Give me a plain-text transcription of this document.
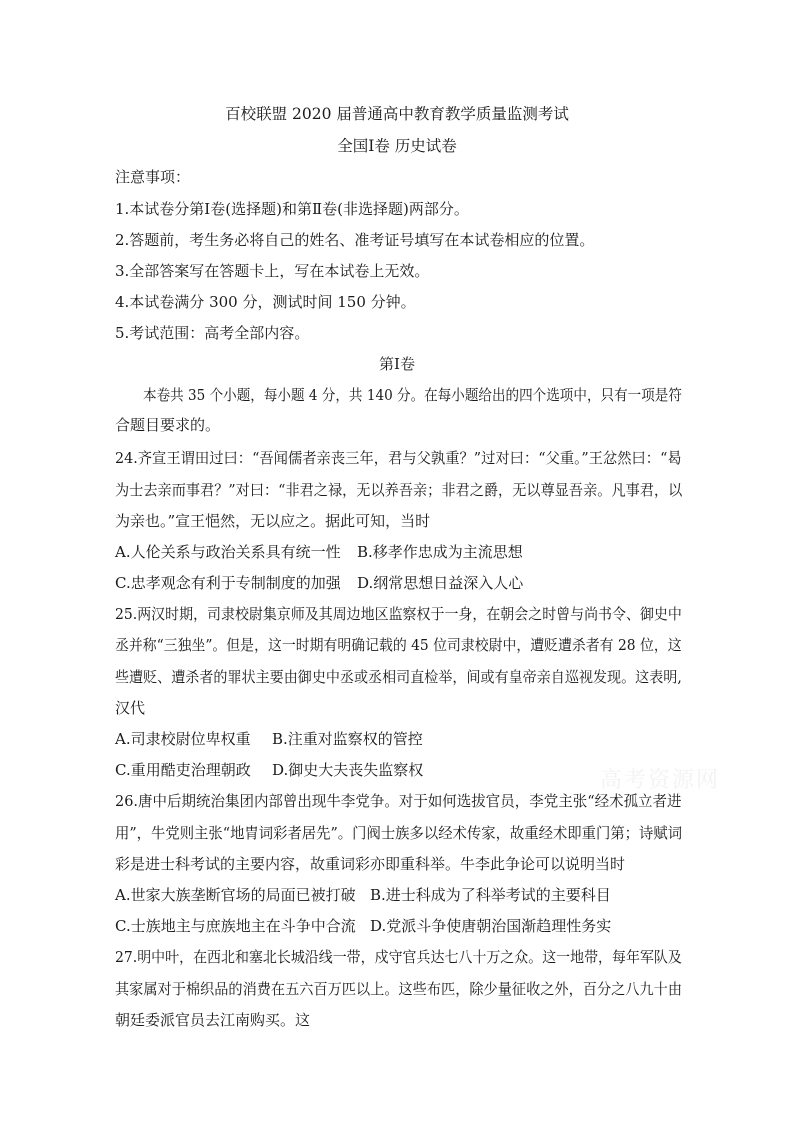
百校联盟 2020 届普通高中教育教学质量监测考试
全国Ⅰ卷 历史试卷
注意事项：
1.本试卷分第Ⅰ卷(选择题)和第Ⅱ卷(非选择题)两部分。
2.答题前，考生务必将自己的姓名、准考证号填写在本试卷相应的位置。
3.全部答案写在答题卡上，写在本试卷上无效。
4.本试卷满分 300 分，测试时间 150 分钟。
5.考试范围：高考全部内容。
第Ⅰ卷
本卷共 35 个小题，每小题 4 分，共 140 分。在每小题给出的四个选项中，只有一项是符
合题目要求的。
24.齐宣王谓田过曰：“吾闻儒者亲丧三年，君与父孰重？”过对曰：“父重。”王忿然曰：“曷
为士去亲而事君？”对曰：“非君之禄，无以养吾亲；非君之爵，无以尊显吾亲。凡事君，以
为亲也。”宣王悒然，无以应之。据此可知，当时
A.人伦关系与政治关系具有统一性 B.移孝作忠成为主流思想
C.忠孝观念有利于专制制度的加强 D.纲常思想日益深入人心
25.两汉时期，司隶校尉集京师及其周边地区监察权于一身，在朝会之时曾与尚书令、御史中
丞并称“三独坐”。但是，这一时期有明确记载的 45 位司隶校尉中，遭贬遭杀者有 28 位，这
些遭贬、遭杀者的罪状主要由御史中丞或丞相司直检举，间或有皇帝亲自巡视发现。这表明,
汉代
A.司隶校尉位卑权重 B.注重对监察权的管控
C.重用酷吏治理朝政 D.御史大夫丧失监察权
26.唐中后期统治集团内部曾出现牛李党争。对于如何选拔官员，李党主张“经术孤立者进
用”，牛党则主张“地胄词彩者居先”。门阀士族多以经术传家，故重经术即重门第；诗赋词
彩是进士科考试的主要内容，故重词彩亦即重科举。牛李此争论可以说明当时
A.世家大族垄断官场的局面已被打破 B.进士科成为了科举考试的主要科目
C.士族地主与庶族地主在斗争中合流 D.党派斗争使唐朝治国渐趋理性务实
27.明中叶，在西北和塞北长城沿线一带，戍守官兵达七八十万之众。这一地带，每年军队及
其家属对于棉织品的消费在五六百万匹以上。这些布匹，除少量征收之外，百分之八九十由
朝廷委派官员去江南购买。这
高考资源网
